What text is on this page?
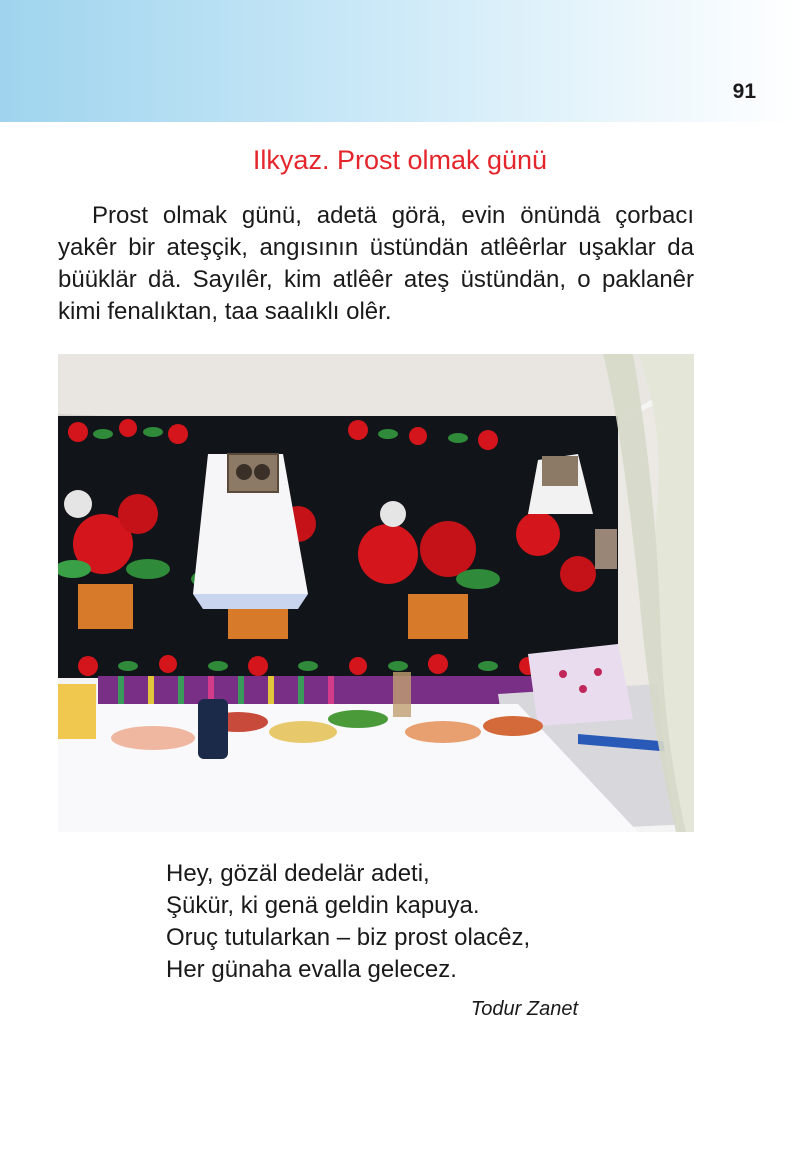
91
Ilkyaz. Prost olmak günü

Prost olmak günü, adetä görä, evin önündä çorbacı yakêr bir ateşçik, angısının üstündän atlêêrlar uşaklar da büüklär dä. Sayılêr, kim atlêêr ateş üstündän, o paklanêr kimi fenalıktan, taa saalıklı olêr.

Hey, gözäl dedelär adeti,
Şükür, ki genä geldin kapuya.
Oruç tutularkan – biz prost olacêz,
Her günaha evalla gelecez.
Todur Zanet
